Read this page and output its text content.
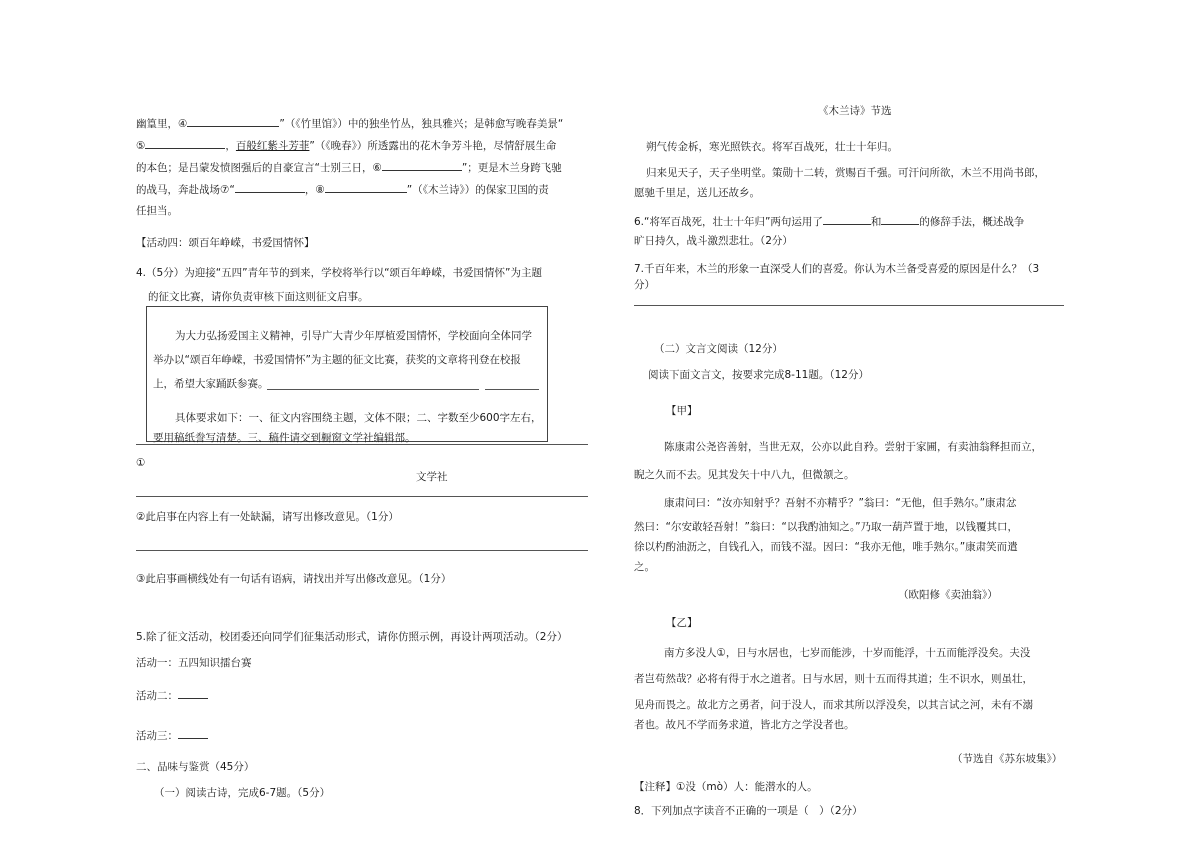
幽篁里，④	”（《竹里馆》）中的独坐竹丛，独具雅兴；是韩愈写晚春美景“
⑤	，百般红紫斗芳菲”（《晚春》）所透露出的花木争芳斗艳，尽情舒展生命
的本色；是吕蒙发愤图强后的自豪宣言“士别三日，⑥	”；更是木兰身跨飞驰
的战马，奔赴战场⑦“	，⑧	”（《木兰诗》）的保家卫国的责
任担当。
【活动四：颂百年峥嵘，书爱国情怀】
4.（5分）为迎接“五四”青年节的到来，学校将举行以“颂百年峥嵘，书爱国情怀”为主题
的征文比赛，请你负责审核下面这则征文启事。
为大力弘扬爱国主义精神，引导广大青少年厚植爱国情怀，学校面向全体同学
举办以“颂百年峥嵘，书爱国情怀”为主题的征文比赛，获奖的文章将刊登在校报
上，希望大家踊跃参赛。
具体要求如下：一、征文内容围绕主题，文体不限；二、字数至少600字左右，
要用稿纸誊写清楚。三、稿件请交到橱窗文学社编辑部。
①
文学社
②此启事在内容上有一处缺漏，请写出修改意见。（1分）
③此启事画横线处有一句话有语病，请找出并写出修改意见。（1分）
5.除了征文活动，校团委还向同学们征集活动形式，请你仿照示例，再设计两项活动。（2分）
活动一：五四知识擂台赛
活动二：
活动三：
二、品味与鉴赏（45分）
（一）阅读古诗，完成6-7题。（5分）
《木兰诗》节选
朔气传金柝，寒光照铁衣。将军百战死，壮士十年归。
归来见天子，天子坐明堂。策勋十二转，赏赐百千强。可汗问所欲，木兰不用尚书郎，
愿驰千里足，送儿还故乡。
6.“将军百战死，壮士十年归”两句运用了	和	的修辞手法，概述战争
旷日持久，战斗激烈悲壮。（2分）
7.千百年来，木兰的形象一直深受人们的喜爱。你认为木兰备受喜爱的原因是什么？（3
分）
（二）文言文阅读（12分）
阅读下面文言文，按要求完成8-11题。（12分）
【甲】
陈康肃公尧咨善射，当世无双，公亦以此自矜。尝射于家圃，有卖油翁释担而立，
睨之久而不去。见其发矢十中八九，但微颔之。
康肃问曰：“汝亦知射乎？吾射不亦精乎？”翁曰：“无他，但手熟尔。”康肃忿
然曰：“尔安敢轻吾射！”翁曰：“以我酌油知之。”乃取一葫芦置于地，以钱覆其口，
徐以杓酌油沥之，自钱孔入，而钱不湿。因曰：“我亦无他，唯手熟尔。”康肃笑而遣
之。
（欧阳修《卖油翁》）
【乙】
南方多没人①，日与水居也，七岁而能涉，十岁而能浮，十五而能浮没矣。夫没
者岂苟然哉？必将有得于水之道者。日与水居，则十五而得其道；生不识水，则虽壮，
见舟而畏之。故北方之勇者，问于没人，而求其所以浮没矣，以其言试之河，未有不溺
者也。故凡不学而务求道，皆北方之学没者也。
（节选自《苏东坡集》）
【注释】①没（mò）人：能潜水的人。
8．下列加点字读音不正确的一项是（　）（2分）
